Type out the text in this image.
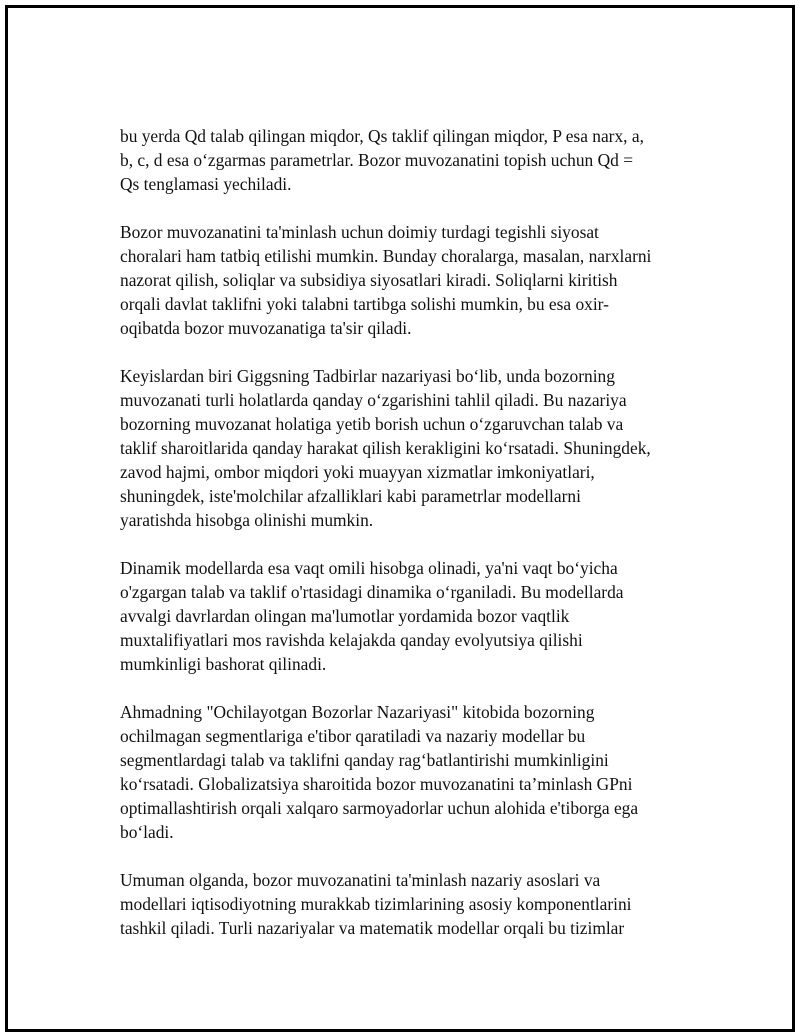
bu yerda Qd talab qilingan miqdor, Qs taklif qilingan miqdor, P esa narx, a,
b, c, d esa o‘zgarmas parametrlar. Bozor muvozanatini topish uchun Qd =
Qs tenglamasi yechiladi.

Bozor muvozanatini ta'minlash uchun doimiy turdagi tegishli siyosat
choralari ham tatbiq etilishi mumkin. Bunday choralarga, masalan, narxlarni
nazorat qilish, soliqlar va subsidiya siyosatlari kiradi. Soliqlarni kiritish
orqali davlat taklifni yoki talabni tartibga solishi mumkin, bu esa oxir-
oqibatda bozor muvozanatiga ta'sir qiladi.

Keyislardan biri Giggsning Tadbirlar nazariyasi bo‘lib, unda bozorning
muvozanati turli holatlarda qanday o‘zgarishini tahlil qiladi. Bu nazariya
bozorning muvozanat holatiga yetib borish uchun o‘zgaruvchan talab va
taklif sharoitlarida qanday harakat qilish kerakligini ko‘rsatadi. Shuningdek,
zavod hajmi, ombor miqdori yoki muayyan xizmatlar imkoniyatlari,
shuningdek, iste'molchilar afzalliklari kabi parametrlar modellarni
yaratishda hisobga olinishi mumkin.

Dinamik modellarda esa vaqt omili hisobga olinadi, ya'ni vaqt bo‘yicha
o'zgargan talab va taklif o'rtasidagi dinamika o‘rganiladi. Bu modellarda
avvalgi davrlardan olingan ma'lumotlar yordamida bozor vaqtlik
muxtalifiyatlari mos ravishda kelajakda qanday evolyutsiya qilishi
mumkinligi bashorat qilinadi.

Ahmadning "Ochilayotgan Bozorlar Nazariyasi" kitobida bozorning
ochilmagan segmentlariga e'tibor qaratiladi va nazariy modellar bu
segmentlardagi talab va taklifni qanday rag‘batlantirishi mumkinligini
ko‘rsatadi. Globalizatsiya sharoitida bozor muvozanatini ta’minlash GPni
optimallashtirish orqali xalqaro sarmoyadorlar uchun alohida e'tiborga ega
bo‘ladi.

Umuman olganda, bozor muvozanatini ta'minlash nazariy asoslari va
modellari iqtisodiyotning murakkab tizimlarining asosiy komponentlarini
tashkil qiladi. Turli nazariyalar va matematik modellar orqali bu tizimlar
